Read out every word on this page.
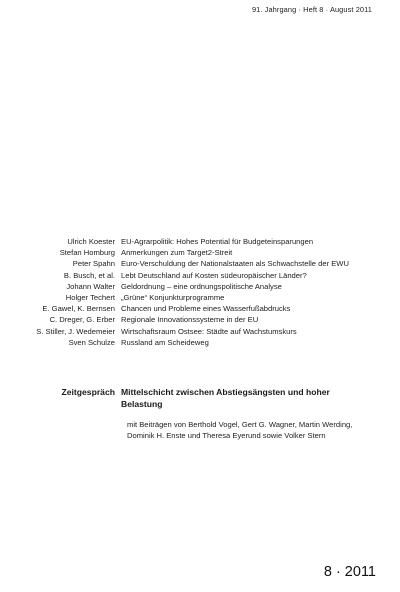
91. Jahrgang · Heft 8 · August 2011
Ulrich Koester EU-Agrarpolitik: Hohes Potential für Budgeteinsparungen
Stefan Homburg Anmerkungen zum Target2-Streit
Peter Spahn Euro-Verschuldung der Nationalstaaten als Schwachstelle der EWU
B. Busch, et al. Lebt Deutschland auf Kosten südeuropäischer Länder?
Johann Walter Geldordnung – eine ordnungspolitische Analyse
Holger Techert „Grüne“ Konjunkturprogramme
E. Gawel, K. Bernsen Chancen und Probleme eines Wasserfußabdrucks
C. Dreger, G. Erber Regionale Innovationssysteme in der EU
S. Stiller, J. Wedemeier Wirtschaftsraum Ostsee: Städte auf Wachstumskurs
Sven Schulze Russland am Scheideweg
Zeitgespräch Mittelschicht zwischen Abstiegsängsten und hoher Belastung
mit Beiträgen von Berthold Vogel, Gert G. Wagner, Martin Werding, Dominik H. Enste und Theresa Eyerund sowie Volker Stern
8 · 2011
